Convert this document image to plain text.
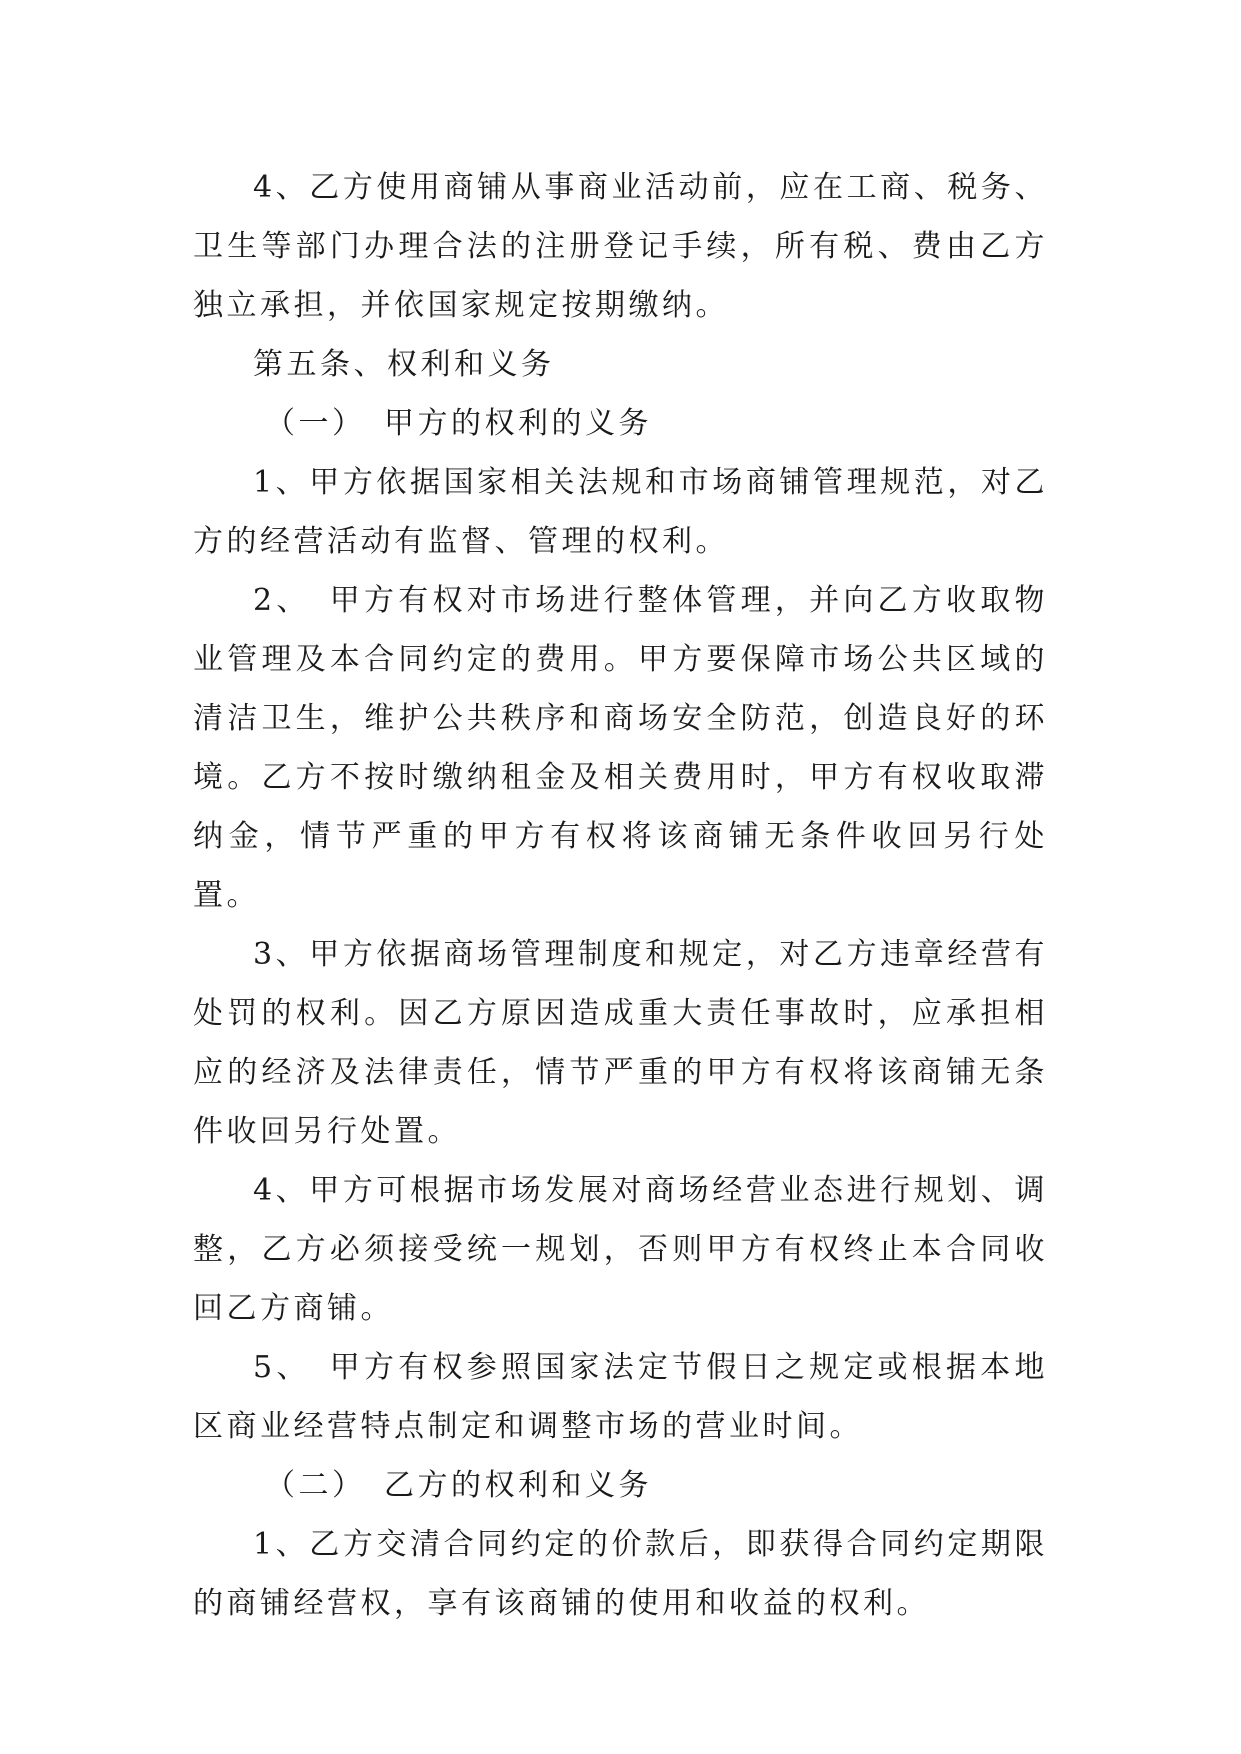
4、乙方使用商铺从事商业活动前，应在工商、税务、卫生等部门办理合法的注册登记手续，所有税、费由乙方独立承担，并依国家规定按期缴纳。

第五条、权利和义务

（一）　甲方的权利的义务

1、甲方依据国家相关法规和市场商铺管理规范，对乙方的经营活动有监督、管理的权利。

2、　甲方有权对市场进行整体管理，并向乙方收取物业管理及本合同约定的费用。甲方要保障市场公共区域的清洁卫生，维护公共秩序和商场安全防范，创造良好的环境。乙方不按时缴纳租金及相关费用时，甲方有权收取滞纳金，情节严重的甲方有权将该商铺无条件收回另行处置。

3、甲方依据商场管理制度和规定，对乙方违章经营有处罚的权利。因乙方原因造成重大责任事故时，应承担相应的经济及法律责任，情节严重的甲方有权将该商铺无条件收回另行处置。

4、甲方可根据市场发展对商场经营业态进行规划、调整，乙方必须接受统一规划，否则甲方有权终止本合同收回乙方商铺。

5、　甲方有权参照国家法定节假日之规定或根据本地区商业经营特点制定和调整市场的营业时间。

（二）　乙方的权利和义务

1、乙方交清合同约定的价款后，即获得合同约定期限的商铺经营权，享有该商铺的使用和收益的权利。
